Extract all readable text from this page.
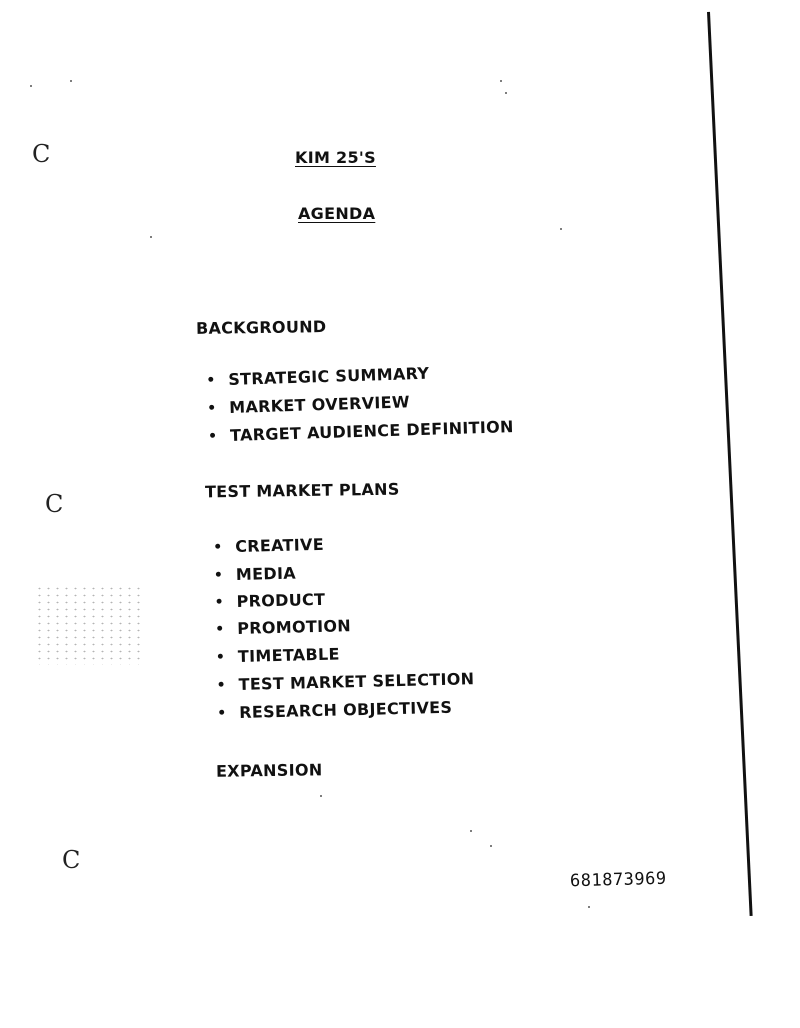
C
C
C
KIM 25'S
AGENDA
BACKGROUND
• STRATEGIC SUMMARY
• MARKET OVERVIEW
• TARGET AUDIENCE DEFINITION
TEST MARKET PLANS
• CREATIVE
• MEDIA
• PRODUCT
• PROMOTION
• TIMETABLE
• TEST MARKET SELECTION
• RESEARCH OBJECTIVES
EXPANSION
681873969
